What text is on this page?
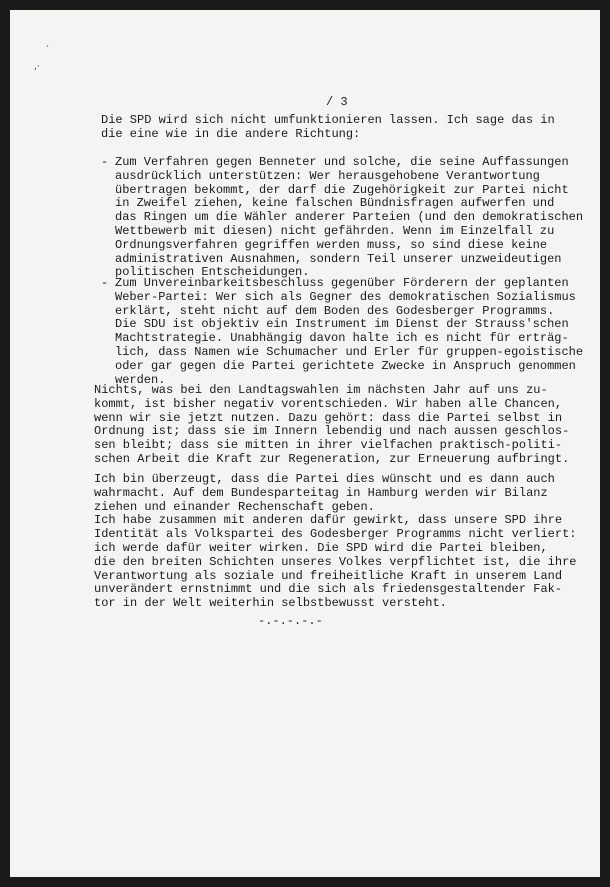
˴
,·

/ 3

Die SPD wird sich nicht umfunktionieren lassen. Ich sage das in
die eine wie in die andere Richtung:

- Zum Verfahren gegen Benneter und solche, die seine Auffassungen
ausdrücklich unterstützen: Wer herausgehobene Verantwortung
übertragen bekommt, der darf die Zugehörigkeit zur Partei nicht
in Zweifel ziehen, keine falschen Bündnisfragen aufwerfen und
das Ringen um die Wähler anderer Parteien (und den demokratischen
Wettbewerb mit diesen) nicht gefährden. Wenn im Einzelfall zu
Ordnungsverfahren gegriffen werden muss, so sind diese keine
administrativen Ausnahmen, sondern Teil unserer unzweideutigen
politischen Entscheidungen.

- Zum Unvereinbarkeitsbeschluss gegenüber Förderern der geplanten
Weber-Partei: Wer sich als Gegner des demokratischen Sozialismus
erklärt, steht nicht auf dem Boden des Godesberger Programms.
Die SDU ist objektiv ein Instrument im Dienst der Strauss'schen
Machtstrategie. Unabhängig davon halte ich es nicht für erträg-
lich, dass Namen wie Schumacher und Erler für gruppen-egoistische
oder gar gegen die Partei gerichtete Zwecke in Anspruch genommen
werden.

Nichts, was bei den Landtagswahlen im nächsten Jahr auf uns zu-
kommt, ist bisher negativ vorentschieden. Wir haben alle Chancen,
wenn wir sie jetzt nutzen. Dazu gehört: dass die Partei selbst in
Ordnung ist; dass sie im Innern lebendig und nach aussen geschlos-
sen bleibt; dass sie mitten in ihrer vielfachen praktisch-politi-
schen Arbeit die Kraft zur Regeneration, zur Erneuerung aufbringt.

Ich bin überzeugt, dass die Partei dies wünscht und es dann auch
wahrmacht. Auf dem Bundesparteitag in Hamburg werden wir Bilanz
ziehen und einander Rechenschaft geben.
Ich habe zusammen mit anderen dafür gewirkt, dass unsere SPD ihre
Identität als Volkspartei des Godesberger Programms nicht verliert:
ich werde dafür weiter wirken. Die SPD wird die Partei bleiben,
die den breiten Schichten unseres Volkes verpflichtet ist, die ihre
Verantwortung als soziale und freiheitliche Kraft in unserem Land
unverändert ernstnimmt und die sich als friedensgestaltender Fak-
tor in der Welt weiterhin selbstbewusst versteht.

-.-.-.-.-
